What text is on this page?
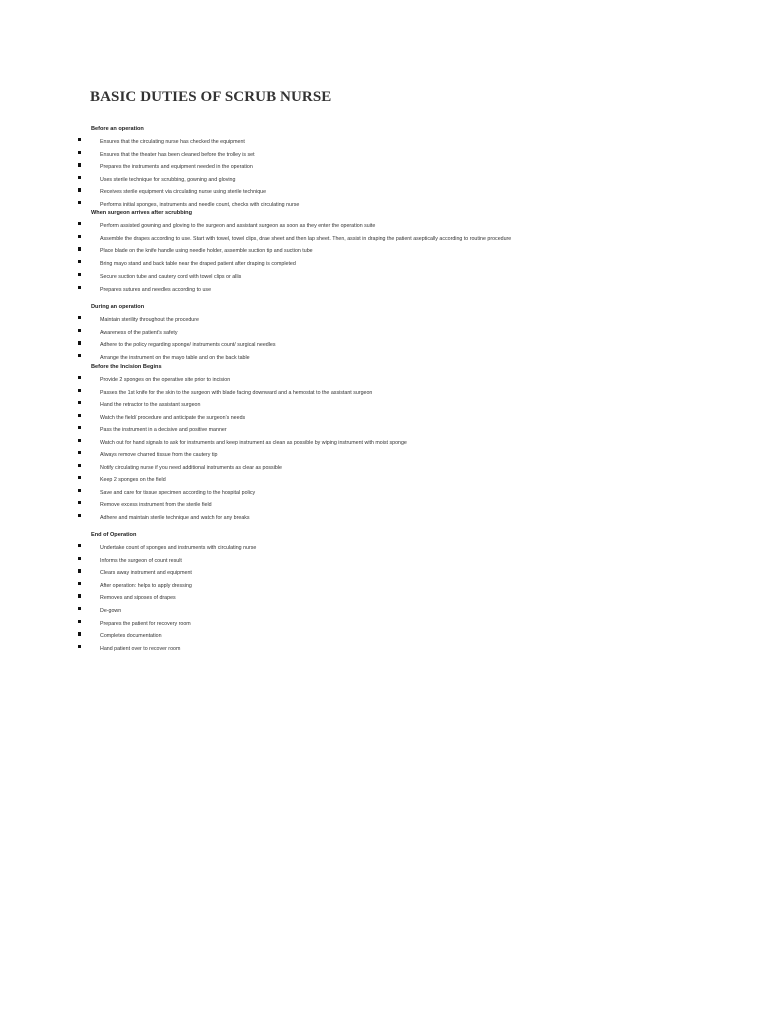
BASIC DUTIES OF SCRUB NURSE
Before an operation
Ensures that the circulating nurse has checked the equipment
Ensures that the theater has been cleaned before the trolley is set
Prepares the instruments and equipment needed in the operation
Uses sterile technique for scrubbing, gowning and gloving
Receives sterile equipment via circulating nurse using sterile technique
Performs initial sponges, instruments and needle count, checks with circulating nurse
When surgeon arrives after scrubbing
Perform assisted gowning and gloving to the surgeon and assistant surgeon as soon as they enter the operation suite
Assemble the drapes according to use. Start with towel, towel clips, drae sheet and then lap sheet. Then, assist in draping the patient aseptically according to routine procedure
Place blade on the knife handle using needle holder, assemble suction tip and suction tube
Bring mayo stand and back table near the draped patient after draping is completed
Secure suction tube and cautery cord with towel clips or allis
Prepares sutures and needles according to use
During an operation
Maintain sterility throughout the procedure
Awareness of the patient’s safety
Adhere to the policy regarding sponge/ instruments count/ surgical needles
Arrange the instrument on the mayo table and on the back table
Before the Incision Begins
Provide 2 sponges on the operative site prior to incision
Passes the 1st knife for the skin to the surgeon with blade facing downward and a hemostat to the assistant surgeon
Hand the retractor to the assistant surgeon
Watch the field/ procedure and anticipate the surgeon’s needs
Pass the instrument in a decisive and positive manner
Watch out for hand signals to ask for instruments and keep instrument as clean as possible by wiping instrument with moist sponge
Always remove charred tissue from the cautery tip
Notify circulating nurse if you need additional instruments as clear as possible
Keep 2 sponges on the field
Save and care for tissue specimen according to the hospital policy
Remove excess instrument from the sterile field
Adhere and maintain sterile technique and watch for any breaks
End of Operation
Undertake count of sponges and instruments with circulating nurse
Informs the surgeon of count result
Clears away instrument and equipment
After operation: helps to apply dressing
Removes and siposes of drapes
De-gown
Prepares the patient for recovery room
Completes documentation
Hand patient over to recover room
